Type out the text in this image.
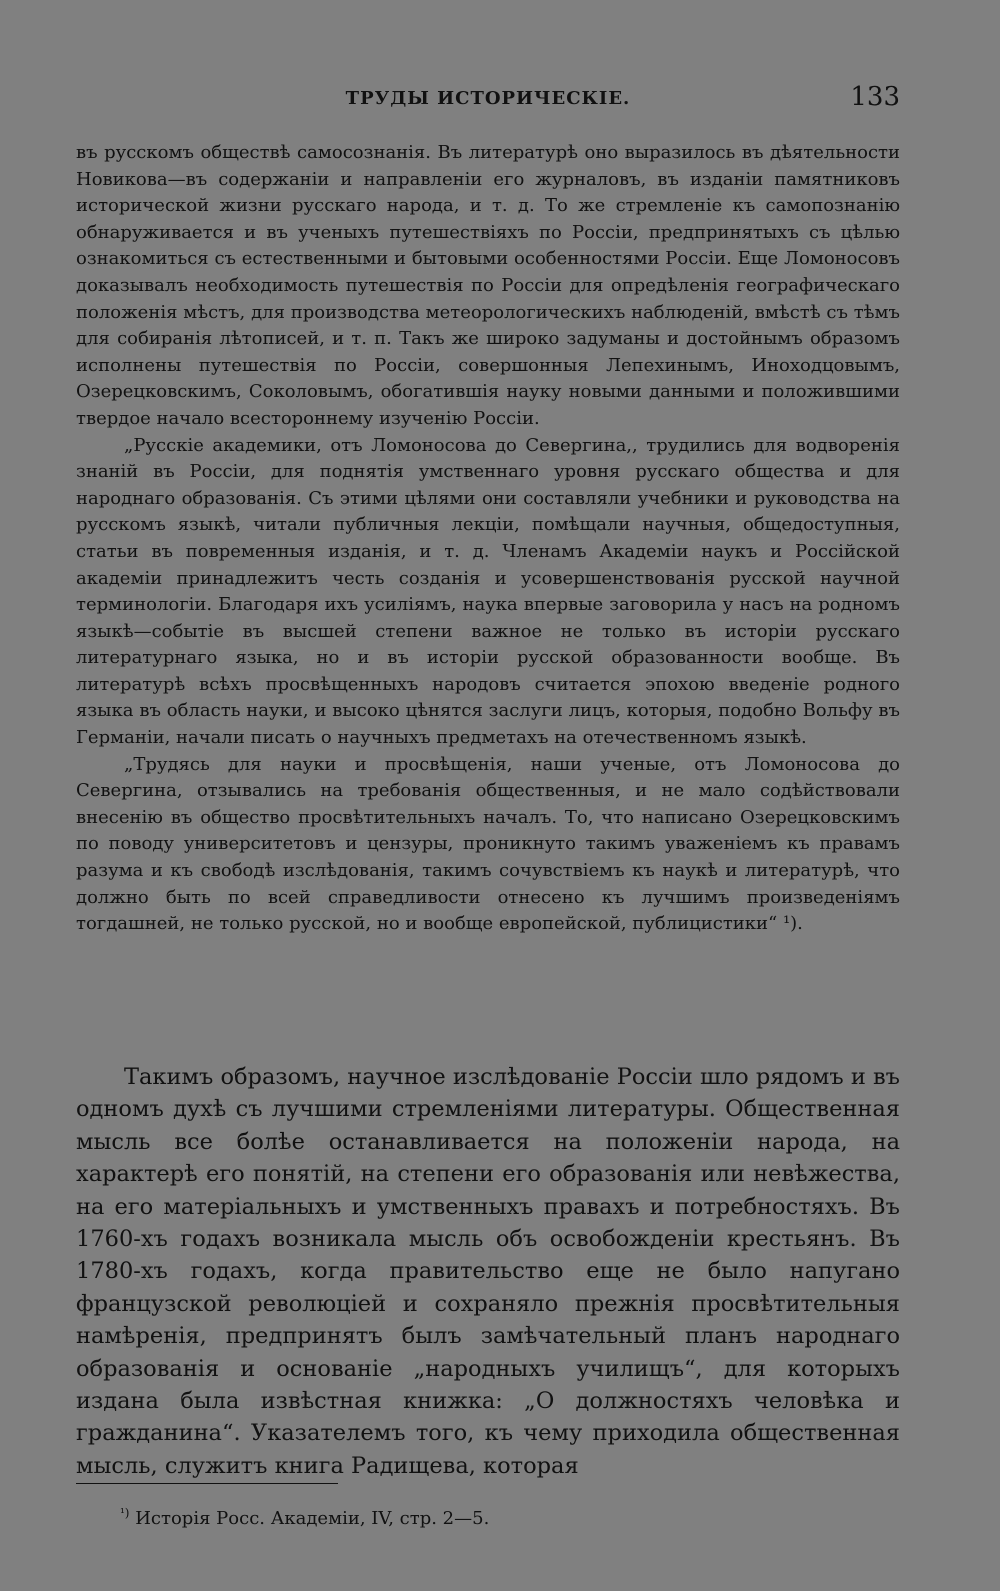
ТРУДЫ ИСТОРИЧЕСКІЕ.	133

въ русскомъ обществѣ самосознанія. Въ литературѣ оно выразилось въ дѣятельности Новикова—въ содержаніи и направленіи его журналовъ, въ изданіи памятниковъ исторической жизни русскаго народа, и т. д. То же стремленіе къ самопознанію обнаруживается и въ ученыхъ путешествіяхъ по Россіи, предпринятыхъ съ цѣлью ознакомиться съ естественными и бытовыми особенностями Россіи. Еще Ломоносовъ доказывалъ необходимость путешествія по Россіи для опредѣленія географическаго положенія мѣстъ, для производства метеорологическихъ наблюденій, вмѣстѣ съ тѣмъ для собиранія лѣтописей, и т. п. Такъ же широко задуманы и достойнымъ образомъ исполнены путешествія по Россіи, совершонныя Лепехинымъ, Иноходцовымъ, Озерецковскимъ, Соколовымъ, обогатившія науку новыми данными и положившими твердое начало всестороннему изученію Россіи.

„Русскіе академики, отъ Ломоносова до Севергина,, трудились для водворенія знаній въ Россіи, для поднятія умственнаго уровня русскаго общества и для народнаго образованія. Съ этими цѣлями они составляли учебники и руководства на русскомъ языкѣ, читали публичныя лекціи, помѣщали научныя, общедоступныя, статьи въ повременныя изданія, и т. д. Членамъ Академіи наукъ и Россійской академіи принадлежитъ честь созданія и усовершенствованія русской научной терминологіи. Благодаря ихъ усиліямъ, наука впервые заговорила у насъ на родномъ языкѣ—событіе въ высшей степени важное не только въ исторіи русскаго литературнаго языка, но и въ исторіи русской образованности вообще. Въ литературѣ всѣхъ просвѣщенныхъ народовъ считается эпохою введеніе родного языка въ область науки, и высоко цѣнятся заслуги лицъ, которыя, подобно Вольфу въ Германіи, начали писать о научныхъ предметахъ на отечественномъ языкѣ.

„Трудясь для науки и просвѣщенія, наши ученые, отъ Ломоносова до Севергина, отзывались на требованія общественныя, и не мало содѣйствовали внесенію въ общество просвѣтительныхъ началъ. То, что написано Озерецковскимъ по поводу университетовъ и цензуры, проникнуто такимъ уваженіемъ къ правамъ разума и къ свободѣ изслѣдованія, такимъ сочувствіемъ къ наукѣ и литературѣ, что должно быть по всей справедливости отнесено къ лучшимъ произведеніямъ тогдашней, не только русской, но и вообще европейской, публицистики“ ¹).

Такимъ образомъ, научное изслѣдованіе Россіи шло рядомъ и въ одномъ духѣ съ лучшими стремленіями литературы. Общественная мысль все болѣе останавливается на положеніи народа, на характерѣ его понятій, на степени его образованія или невѣжества, на его матеріальныхъ и умственныхъ правахъ и потребностяхъ. Въ 1760-хъ годахъ возникала мысль объ освобожденіи крестьянъ. Въ 1780-хъ годахъ, когда правительство еще не было напугано французской революціей и сохраняло прежнія просвѣтительныя намѣренія, предпринятъ былъ замѣчательный планъ народнаго образованія и основаніе „народныхъ училищъ“, для которыхъ издана была извѣстная книжка: „О должностяхъ человѣка и гражданина“. Указателемъ того, къ чему приходила общественная мысль, служитъ книга Радищева, которая

$^{^1)}$ Исторія Росс. Академіи, IV, стр. 2—5.
